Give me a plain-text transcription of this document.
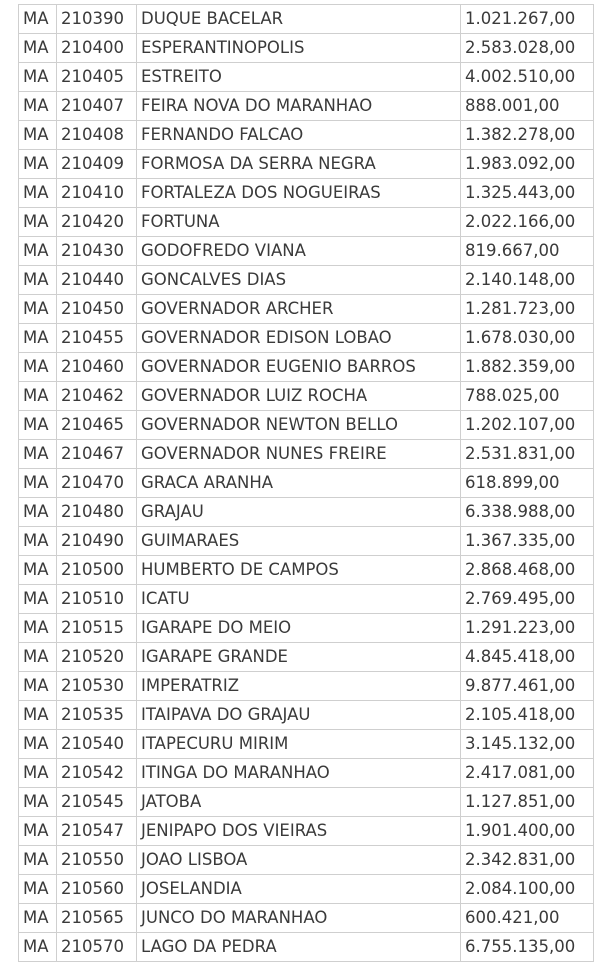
MA	210390	DUQUE BACELAR	1.021.267,00
MA	210400	ESPERANTINOPOLIS	2.583.028,00
MA	210405	ESTREITO	4.002.510,00
MA	210407	FEIRA NOVA DO MARANHAO	888.001,00
MA	210408	FERNANDO FALCAO	1.382.278,00
MA	210409	FORMOSA DA SERRA NEGRA	1.983.092,00
MA	210410	FORTALEZA DOS NOGUEIRAS	1.325.443,00
MA	210420	FORTUNA	2.022.166,00
MA	210430	GODOFREDO VIANA	819.667,00
MA	210440	GONCALVES DIAS	2.140.148,00
MA	210450	GOVERNADOR ARCHER	1.281.723,00
MA	210455	GOVERNADOR EDISON LOBAO	1.678.030,00
MA	210460	GOVERNADOR EUGENIO BARROS	1.882.359,00
MA	210462	GOVERNADOR LUIZ ROCHA	788.025,00
MA	210465	GOVERNADOR NEWTON BELLO	1.202.107,00
MA	210467	GOVERNADOR NUNES FREIRE	2.531.831,00
MA	210470	GRACA ARANHA	618.899,00
MA	210480	GRAJAU	6.338.988,00
MA	210490	GUIMARAES	1.367.335,00
MA	210500	HUMBERTO DE CAMPOS	2.868.468,00
MA	210510	ICATU	2.769.495,00
MA	210515	IGARAPE DO MEIO	1.291.223,00
MA	210520	IGARAPE GRANDE	4.845.418,00
MA	210530	IMPERATRIZ	9.877.461,00
MA	210535	ITAIPAVA DO GRAJAU	2.105.418,00
MA	210540	ITAPECURU MIRIM	3.145.132,00
MA	210542	ITINGA DO MARANHAO	2.417.081,00
MA	210545	JATOBA	1.127.851,00
MA	210547	JENIPAPO DOS VIEIRAS	1.901.400,00
MA	210550	JOAO LISBOA	2.342.831,00
MA	210560	JOSELANDIA	2.084.100,00
MA	210565	JUNCO DO MARANHAO	600.421,00
MA	210570	LAGO DA PEDRA	6.755.135,00
